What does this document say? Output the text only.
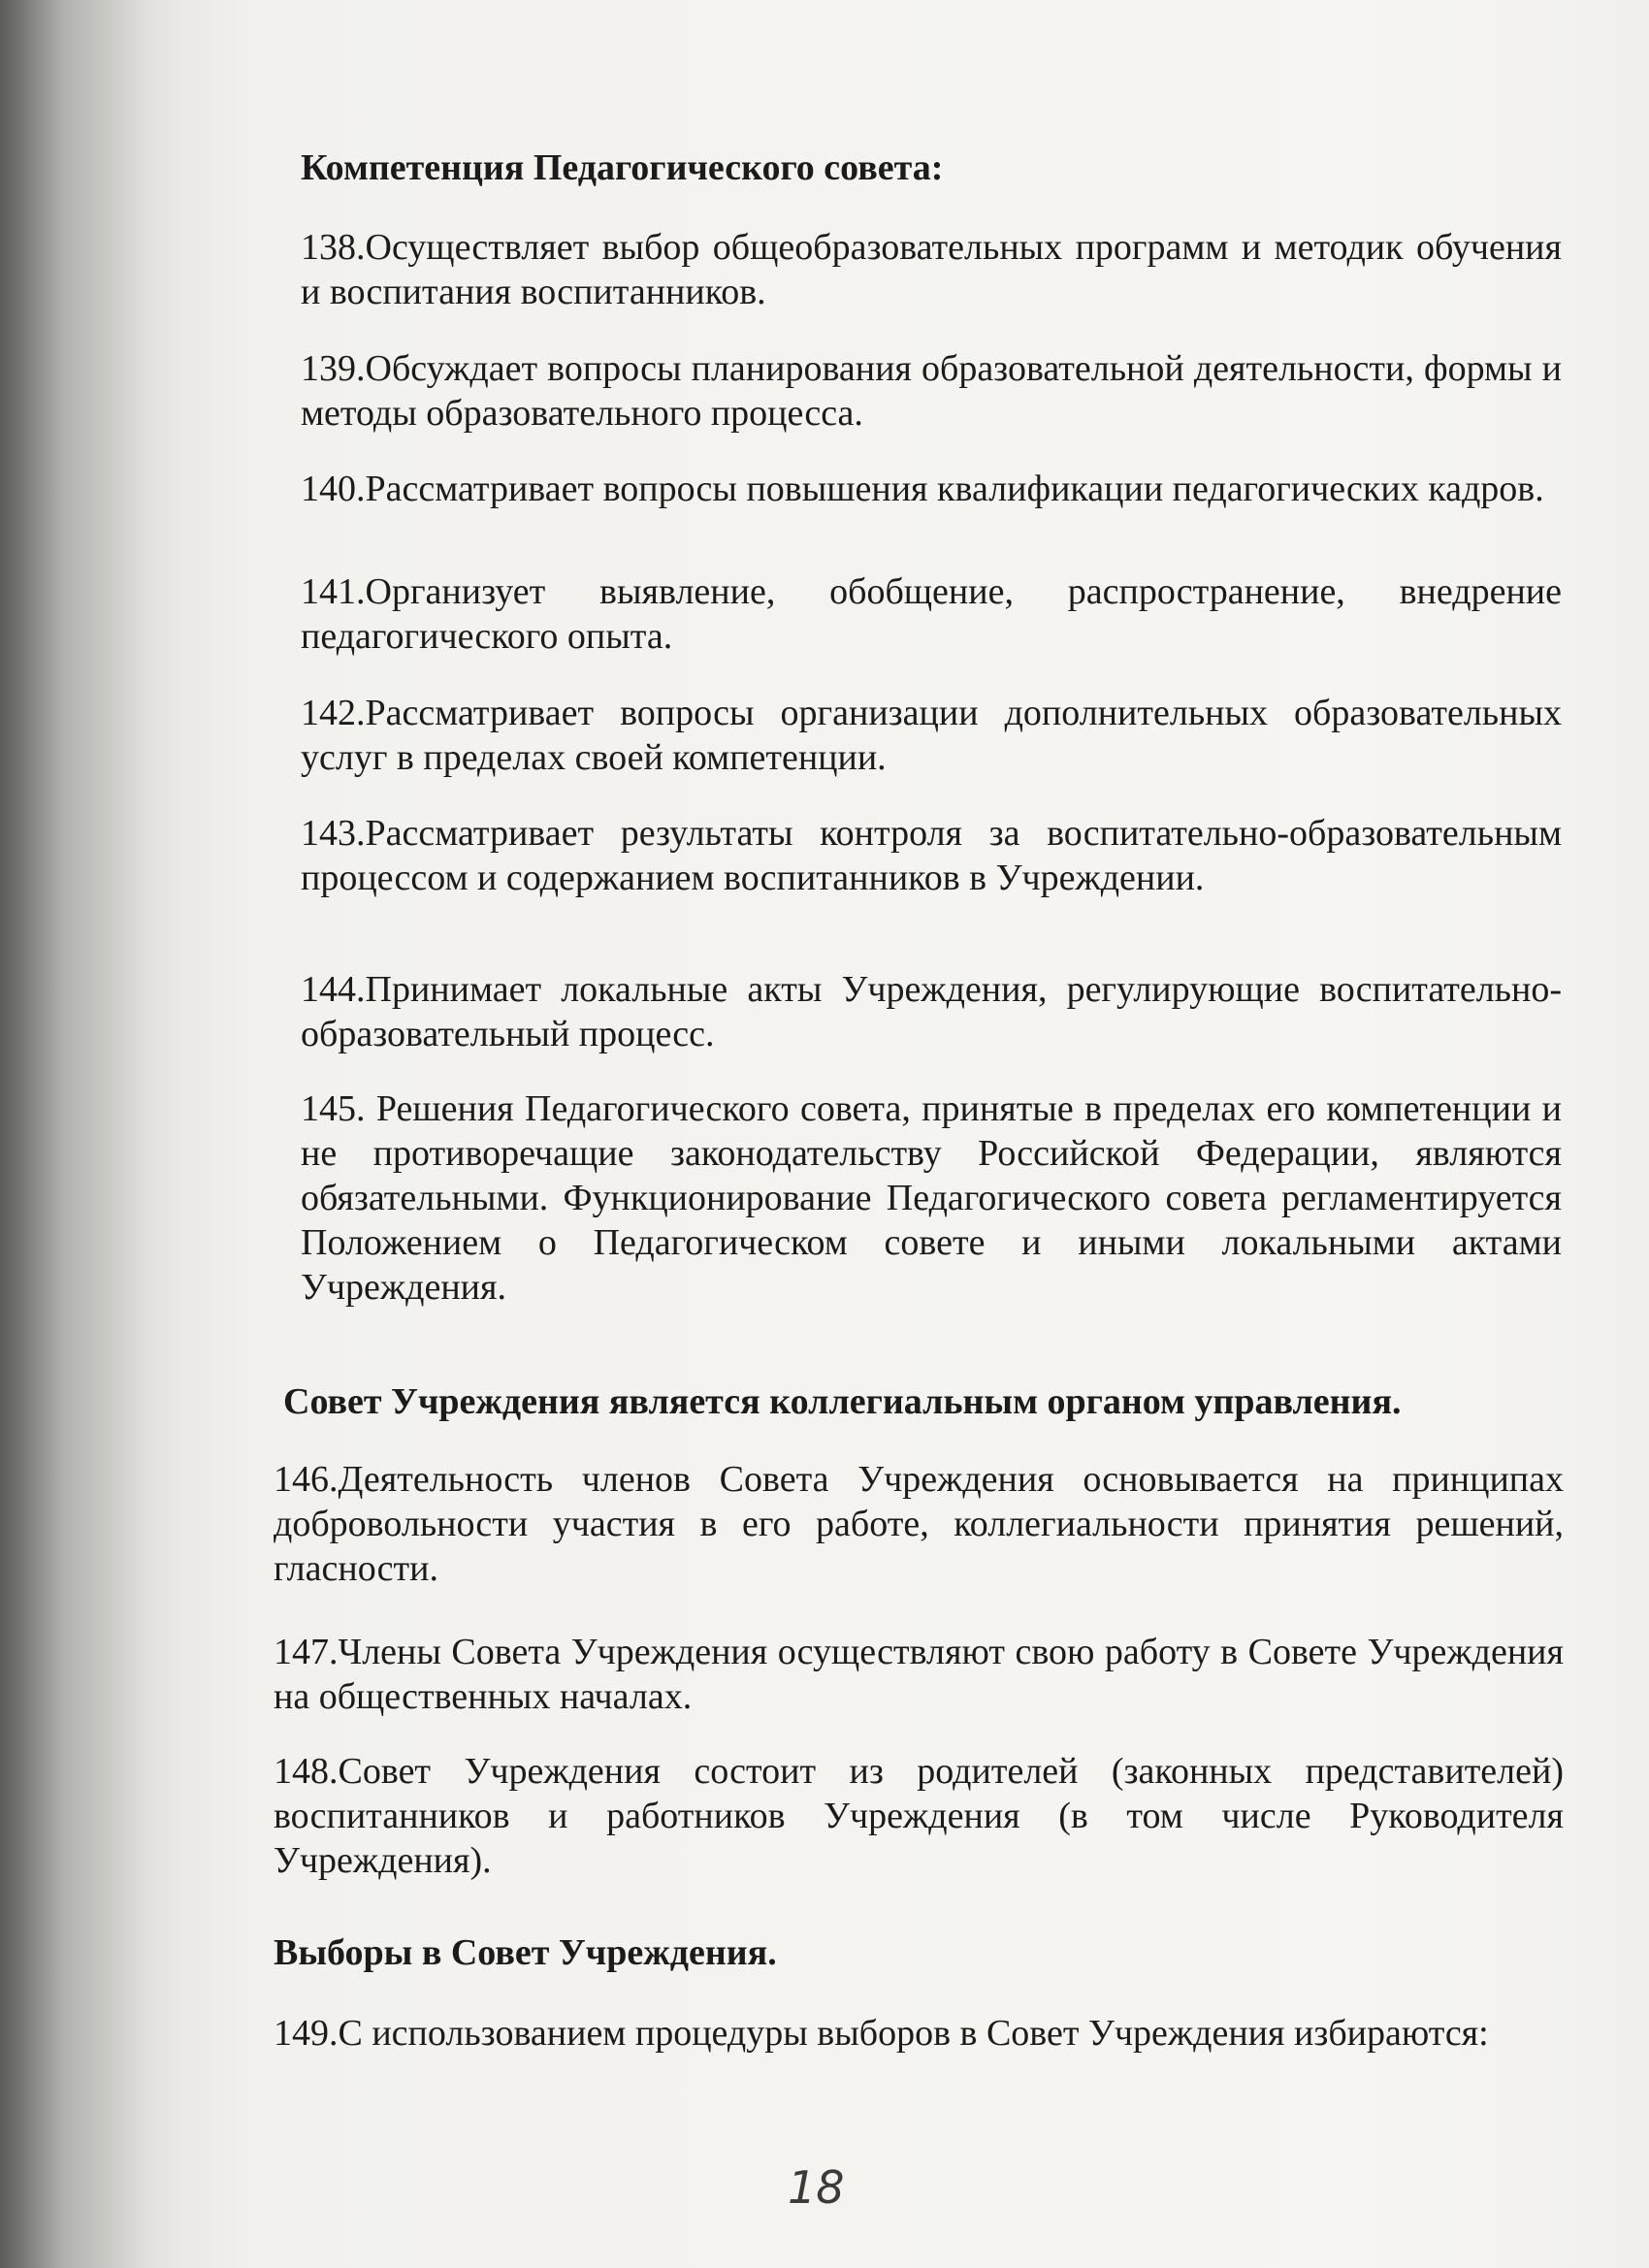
Компетенция Педагогического совета:
138.Осуществляет выбор общеобразовательных программ и методик обучения и воспитания воспитанников.
139.Обсуждает вопросы планирования образовательной деятельности, формы и методы образовательного процесса.
140.Рассматривает вопросы повышения квалификации педагогических кадров.
141.Организует выявление, обобщение, распространение, внедрение педагогического опыта.
142.Рассматривает вопросы организации дополнительных образовательных услуг в пределах своей компетенции.
143.Рассматривает результаты контроля за воспитательно-образовательным процессом и содержанием воспитанников в Учреждении.
144.Принимает локальные акты Учреждения, регулирующие воспитательно-образовательный процесс.
145. Решения Педагогического совета, принятые в пределах его компетенции и не противоречащие законодательству Российской Федерации, являются обязательными. Функционирование Педагогического совета регламентируется Положением о Педагогическом совете и иными локальными актами Учреждения.
Совет Учреждения является коллегиальным органом управления.
146.Деятельность членов Совета Учреждения основывается на принципах добровольности участия в его работе, коллегиальности принятия решений, гласности.
147.Члены Совета Учреждения осуществляют свою работу в Совете Учреждения на общественных началах.
148.Совет Учреждения состоит из родителей (законных представителей) воспитанников и работников Учреждения (в том числе Руководителя Учреждения).
Выборы в Совет Учреждения.
149.С использованием процедуры выборов в Совет Учреждения избираются:
18
